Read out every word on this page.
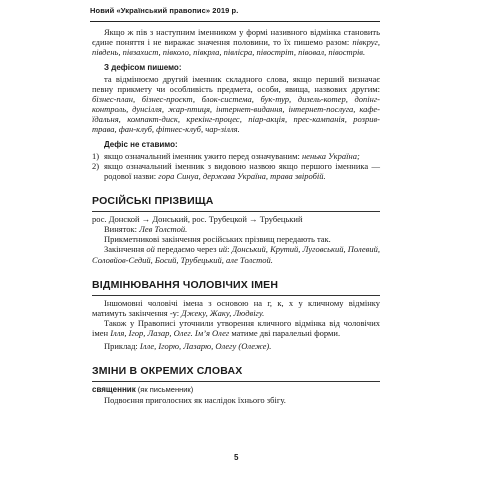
Новий «Український правопис» 2019 р.

Якщо ж пів з наступним іменником у формі називного відмінка становить єдине поняття і не виражає значення половини, то їх пишемо разом: півкруг, південь, півзахист, півколо, півкрла, півлісра, півостріт, півовал, півострів.

З дефісом пишемо:

та відмінюємо другий іменник складного слова, якщо перший визначає певну прикмету чи особливість предмета, особи, явища, назвових другим: бізнес-план, бізнес-проєкт, блок-система, бук-тур, дизель-котер, допінг-контроль, дунсілля, жар-птиця, інтернет-видання, інтернет-послуга, кафе-їдальня, компакт-диск, крекінг-процес, піар-акція, прес-кампанія, розрив-трава, фан-клуб, фітнес-клуб, чар-зілля.

Дефіс не ставимо:
1) якщо означальний іменник ужито перед означуваним: ненька Україна;

2) якщо означальний іменник з видовою назвою якщо першого іменника — родової назви: гора Синуа, держава Україна, трава звіробій.

РОСІЙСЬКІ ПРІЗВИЩА

рос. Донской → Донський, рос. Трубецкой → Трубецький

Виняток: Лев Толстой.

Прикметникові закінчення російських прізвищ передають так.

Закінчення ой передаємо через ий: Донський, Крутий, Луговський, Полевий, Соловйов-Седий, Босий, Трубецький, але Толстой.

ВІДМІНЮВАННЯ ЧОЛОВІЧИХ ІМЕН

Іншомовні чоловічі імена з основою на г, к, х у кличному відмінку матимуть закінчення -у: Джеку, Жаку, Людвігу.

Також у Правописі уточнили утворення кличного відмінка від чоловічих імен Ілля, Ігор, Лазар, Олег. Ім’я Олег матиме дві паралельні форми.

Приклад: Ілле, Ігорю, Лазарю, Олегу (Олеже).

ЗМІНИ В ОКРЕМИХ СЛОВАХ

священник (як письменник)

Подвоєння приголосних як наслідок їхнього збігу.

5
